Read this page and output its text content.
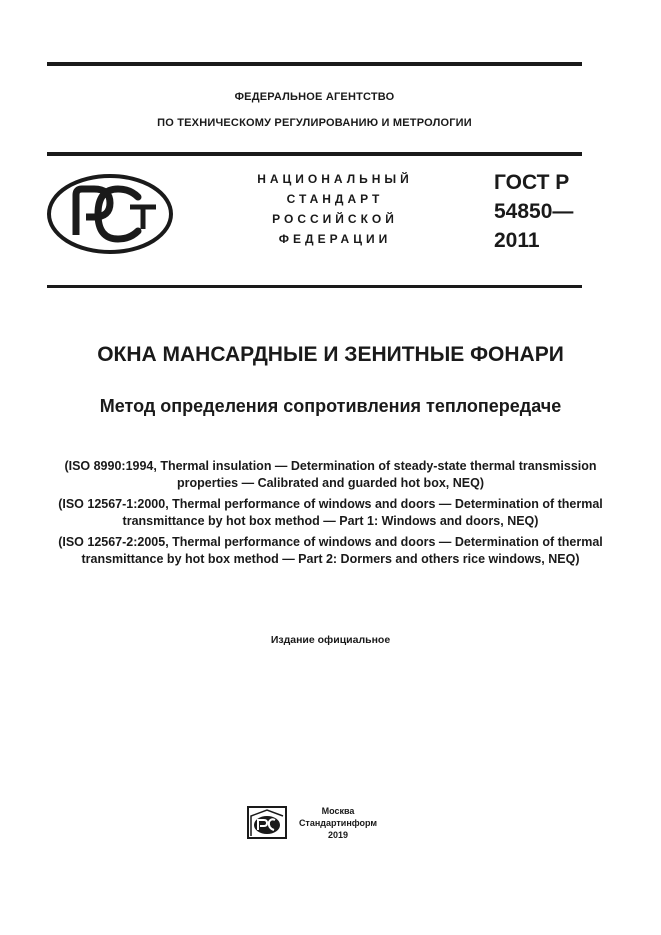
ФЕДЕРАЛЬНОЕ АГЕНТСТВО
ПО ТЕХНИЧЕСКОМУ РЕГУЛИРОВАНИЮ И МЕТРОЛОГИИ
НАЦИОНАЛЬНЫЙ
СТАНДАРТ
РОССИЙСКОЙ
ФЕДЕРАЦИИ
ГОСТ Р
54850—
2011
ОКНА МАНСАРДНЫЕ И ЗЕНИТНЫЕ ФОНАРИ
Метод определения сопротивления теплопередаче
(ISO 8990:1994, Thermal insulation — Determination of steady-state thermal transmission properties — Calibrated and guarded hot box, NEQ)
(ISO 12567-1:2000, Thermal performance of windows and doors — Determination of thermal transmittance by hot box method — Part 1: Windows and doors, NEQ)
(ISO 12567-2:2005, Thermal performance of windows and doors — Determination of thermal transmittance by hot box method — Part 2: Dormers and others rice windows, NEQ)
Издание официальное
Москва
Стандартинформ
2019
